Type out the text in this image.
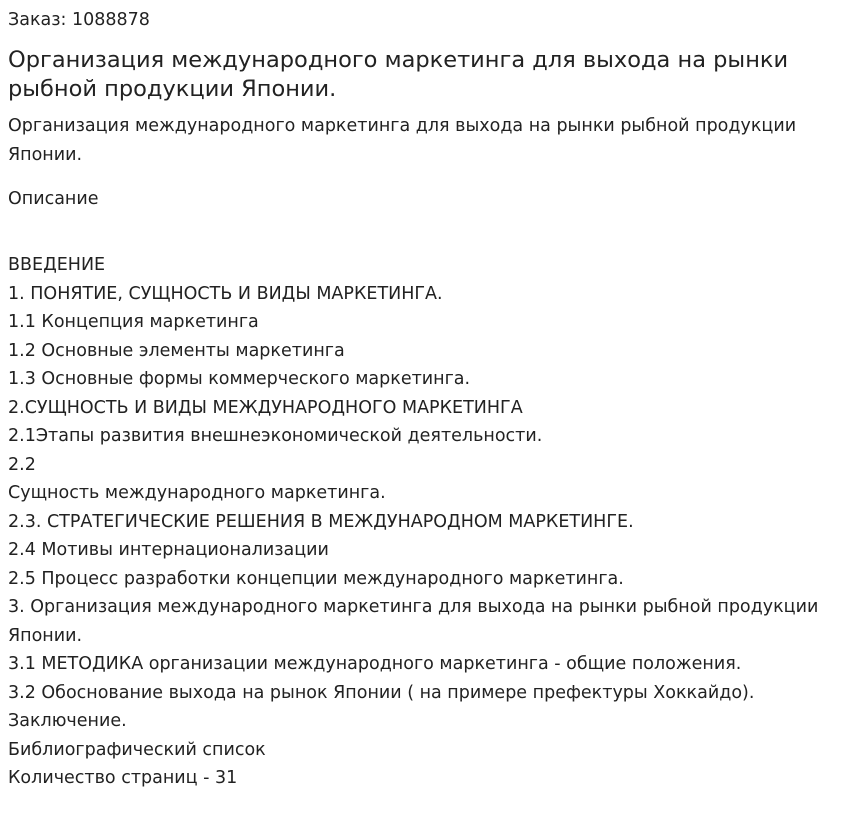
Заказ: 1088878

Организация международного маркетинга для выхода на рынки рыбной продукции Японии.

Организация международного маркетинга для выхода на рынки рыбной продукции Японии.

Описание

ВВЕДЕНИЕ
1. ПОНЯТИЕ, СУЩНОСТЬ И ВИДЫ МАРКЕТИНГА.
1.1 Концепция маркетинга
1.2 Основные элементы маркетинга
1.3 Основные формы коммерческого маркетинга.
2.СУЩНОСТЬ И ВИДЫ МЕЖДУНАРОДНОГО МАРКЕТИНГА
2.1Этапы развития внешнеэкономической деятельности.
2.2
Сущность международного маркетинга.
2.3. СТРАТЕГИЧЕСКИЕ РЕШЕНИЯ В МЕЖДУНАРОДНОМ МАРКЕТИНГЕ.
2.4 Мотивы интернационализации
2.5 Процесс разработки концепции международного маркетинга.
3. Организация международного маркетинга для выхода на рынки рыбной продукции Японии.
3.1 МЕТОДИКА организации международного маркетинга - общие положения.
3.2 Обоснование выхода на рынок Японии ( на примере префектуры Хоккайдо).
Заключение.
Библиографический список
Количество страниц - 31
